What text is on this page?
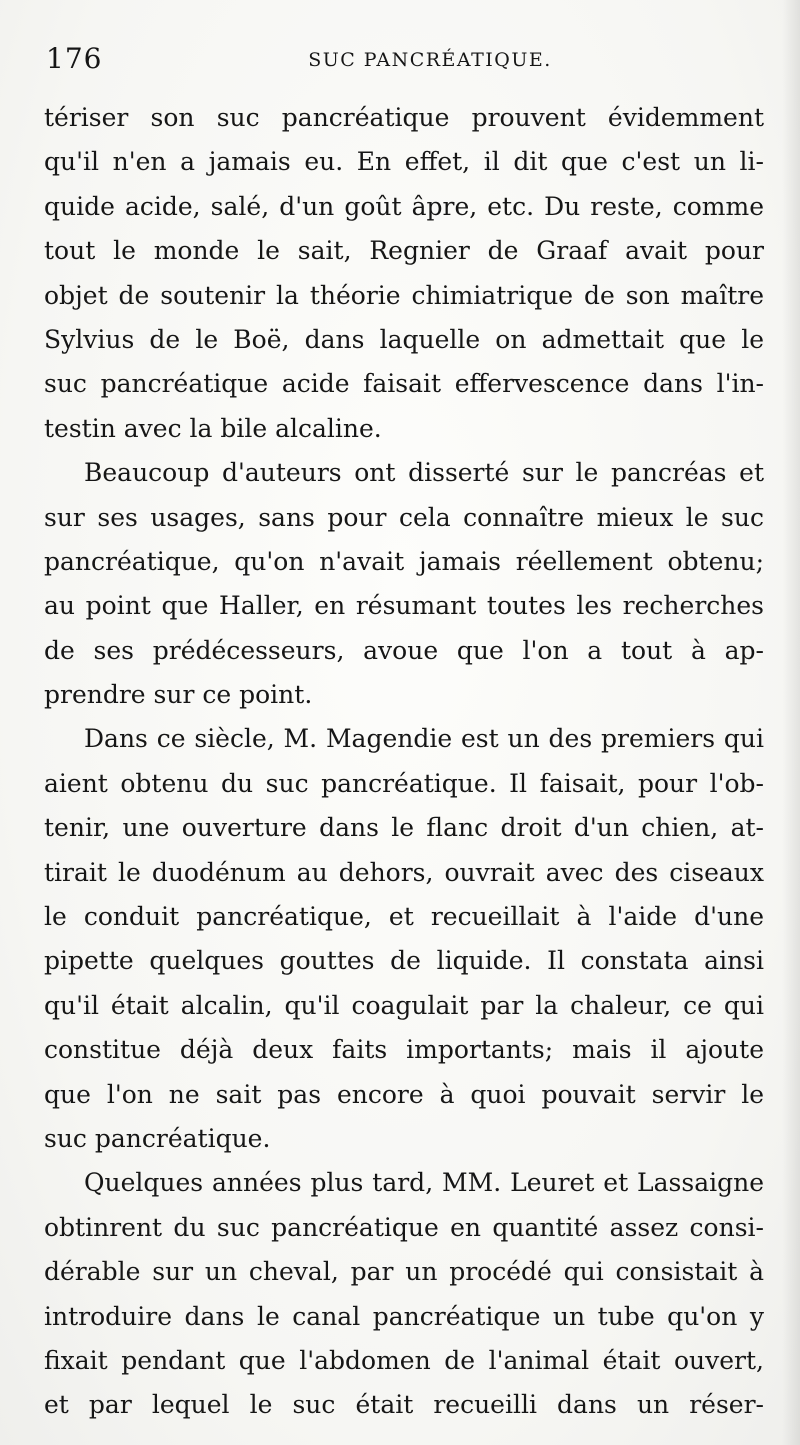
176	SUC PANCRÉATIQUE.
tériser son suc pancréatique prouvent évidemment
qu'il n'en a jamais eu. En effet, il dit que c'est un li-
quide acide, salé, d'un goût âpre, etc. Du reste, comme
tout le monde le sait, Regnier de Graaf avait pour
objet de soutenir la théorie chimiatrique de son maître
Sylvius de le Boë, dans laquelle on admettait que le
suc pancréatique acide faisait effervescence dans l'in-
testin avec la bile alcaline.
Beaucoup d'auteurs ont disserté sur le pancréas et
sur ses usages, sans pour cela connaître mieux le suc
pancréatique, qu'on n'avait jamais réellement obtenu;
au point que Haller, en résumant toutes les recherches
de ses prédécesseurs, avoue que l'on a tout à ap-
prendre sur ce point.
Dans ce siècle, M. Magendie est un des premiers qui
aient obtenu du suc pancréatique. Il faisait, pour l'ob-
tenir, une ouverture dans le flanc droit d'un chien, at-
tirait le duodénum au dehors, ouvrait avec des ciseaux
le conduit pancréatique, et recueillait à l'aide d'une
pipette quelques gouttes de liquide. Il constata ainsi
qu'il était alcalin, qu'il coagulait par la chaleur, ce qui
constitue déjà deux faits importants; mais il ajoute
que l'on ne sait pas encore à quoi pouvait servir le
suc pancréatique.
Quelques années plus tard, MM. Leuret et Lassaigne
obtinrent du suc pancréatique en quantité assez consi-
dérable sur un cheval, par un procédé qui consistait à
introduire dans le canal pancréatique un tube qu'on y
fixait pendant que l'abdomen de l'animal était ouvert,
et par lequel le suc était recueilli dans un réser-
